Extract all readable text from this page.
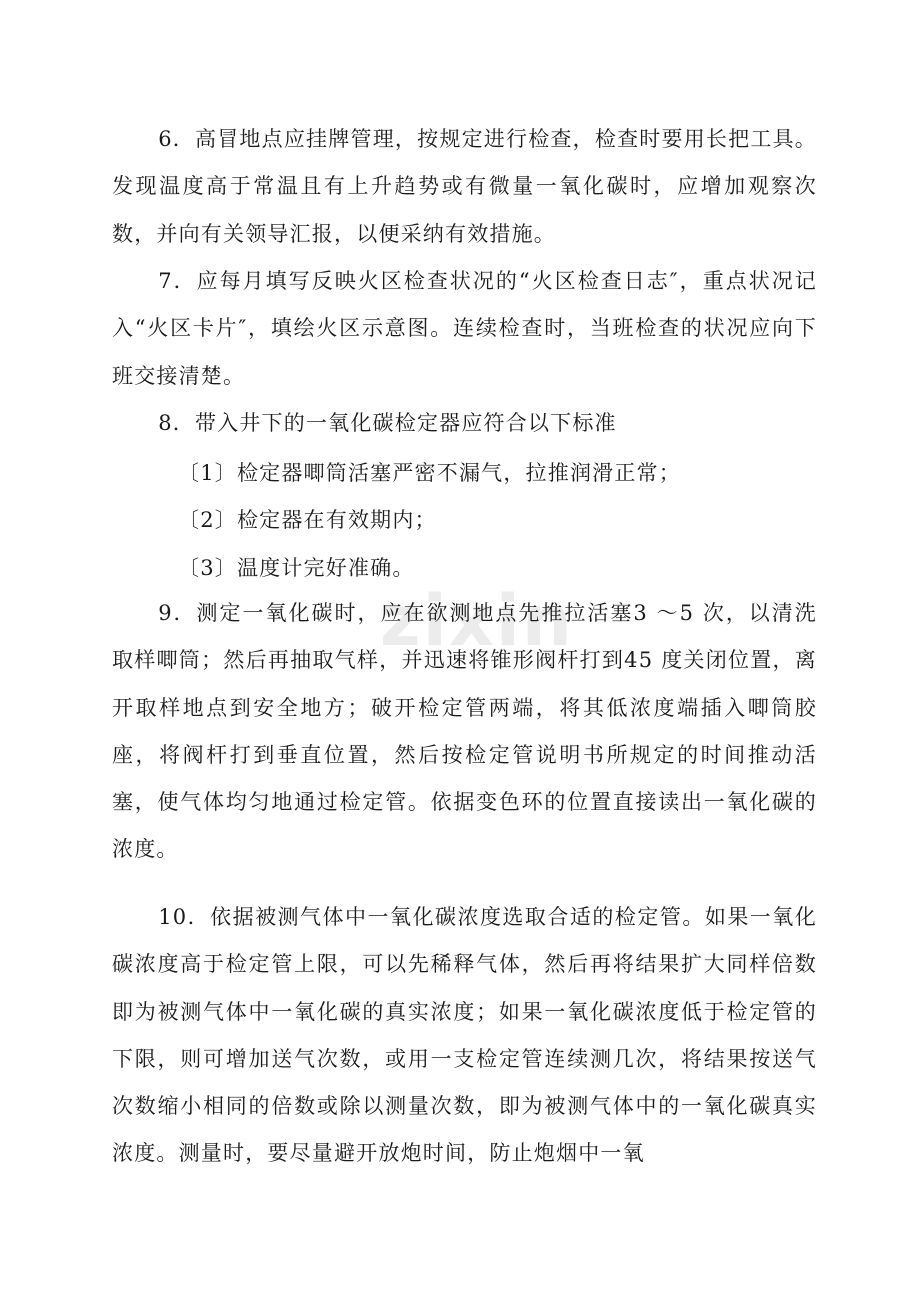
zixin

6．高冒地点应挂牌管理，按规定进行检查，检查时要用长把工具。发现温度高于常温且有上升趋势或有微量一氧化碳时，应增加观察次数，并向有关领导汇报，以便采纳有效措施。

7．应每月填写反映火区检查状况的“火区检查日志″，重点状况记入“火区卡片″，填绘火区示意图。连续检查时，当班检查的状况应向下班交接清楚。

8．带入井下的一氧化碳检定器应符合以下标准

〔1〕检定器唧筒活塞严密不漏气，拉推润滑正常；

〔2〕检定器在有效期内；

〔3〕温度计完好准确。

9．测定一氧化碳时，应在欲测地点先推拉活塞3 ～5 次，以清洗取样唧筒；然后再抽取气样，并迅速将锥形阀杆打到45 度关闭位置，离开取样地点到安全地方；破开检定管两端，将其低浓度端插入唧筒胶座，将阀杆打到垂直位置，然后按检定管说明书所规定的时间推动活塞，使气体均匀地通过检定管。依据变色环的位置直接读出一氧化碳的浓度。

10．依据被测气体中一氧化碳浓度选取合适的检定管。如果一氧化碳浓度高于检定管上限，可以先稀释气体，然后再将结果扩大同样倍数即为被测气体中一氧化碳的真实浓度；如果一氧化碳浓度低于检定管的下限，则可增加送气次数，或用一支检定管连续测几次，将结果按送气次数缩小相同的倍数或除以测量次数，即为被测气体中的一氧化碳真实浓度。测量时，要尽量避开放炮时间，防止炮烟中一氧
